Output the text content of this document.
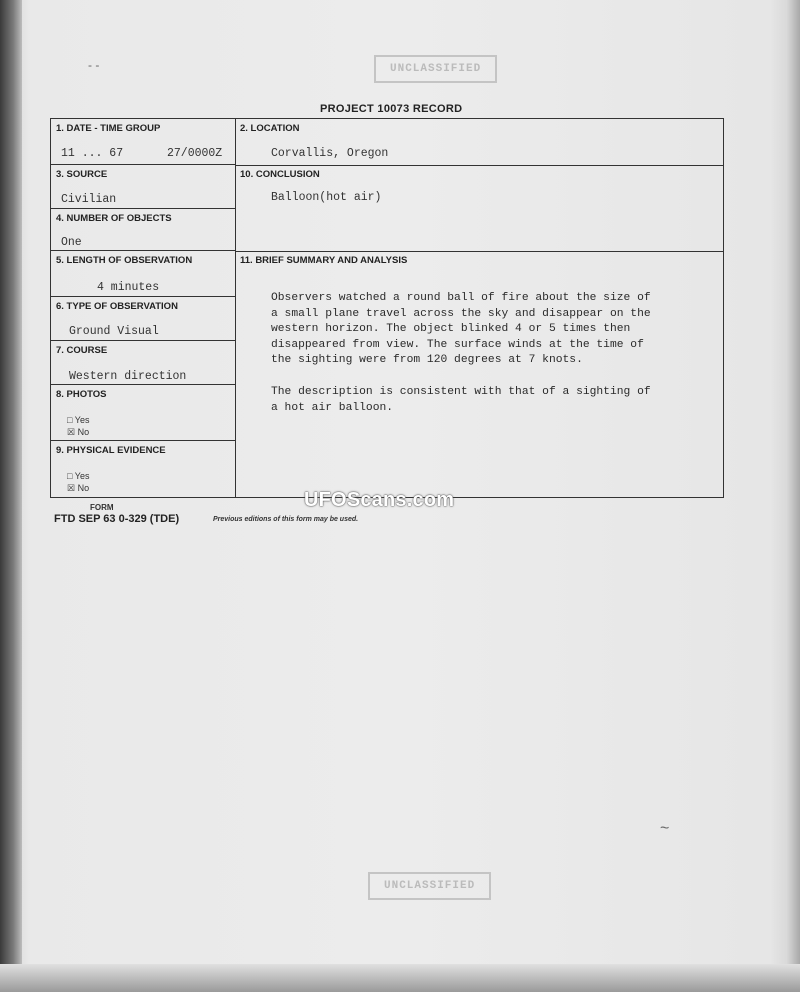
UNCLASSIFIED
UNCLASSIFIED
- -
~
PROJECT 10073 RECORD
1. DATE - TIME GROUP
11 ... 67	27/0000Z
3. SOURCE
Civilian
4. NUMBER OF OBJECTS
One
5. LENGTH OF OBSERVATION
4 minutes
6. TYPE OF OBSERVATION
Ground Visual
7. COURSE
Western direction
8. PHOTOS
□ Yes
☒ No
9. PHYSICAL EVIDENCE
□ Yes
☒ No
2. LOCATION
Corvallis, Oregon
10. CONCLUSION
Balloon(hot air)
11. BRIEF SUMMARY AND ANALYSIS
Observers watched a round ball of fire about the size of
a small plane travel across the sky and disappear on the
western horizon. The object blinked 4 or 5 times then
disappeared from view. The surface winds at the time of
the sighting were from 120 degrees at 7 knots.
The description is consistent with that of a sighting of
a hot air balloon.
FORM
FTD SEP 63 0-329 (TDE)	Previous editions of this form may be used.
UFOScans.com
